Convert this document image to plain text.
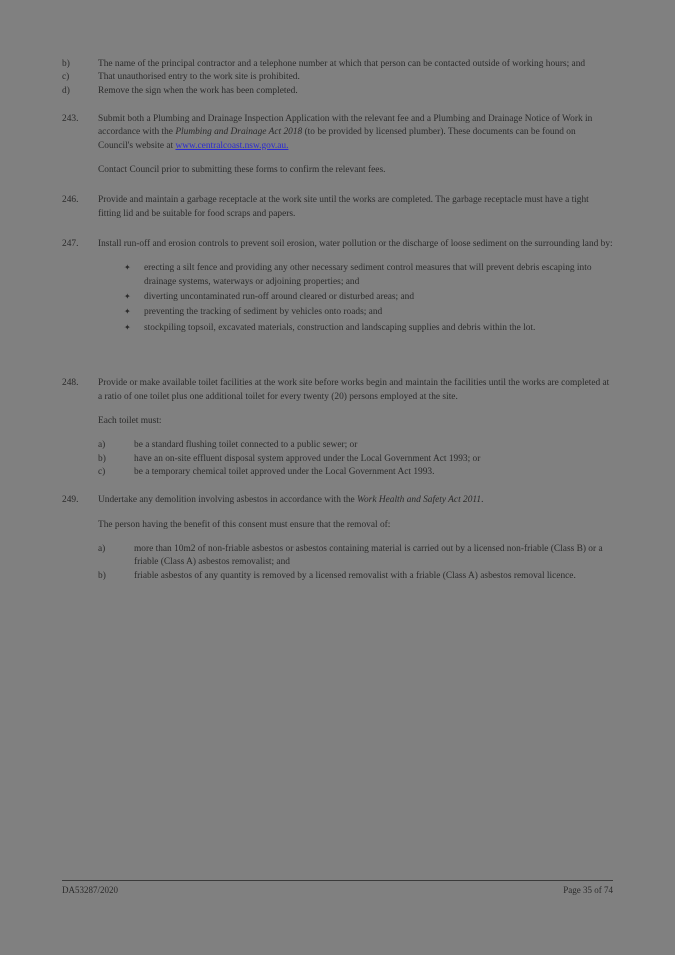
b)	The name of the principal contractor and a telephone number at which that person can be contacted outside of working hours; and
c)	That unauthorised entry to the work site is prohibited.
d)	Remove the sign when the work has been completed.
243.	Submit both a Plumbing and Drainage Inspection Application with the relevant fee and a Plumbing and Drainage Notice of Work in accordance with the Plumbing and Drainage Act 2018 (to be provided by licensed plumber). These documents can be found on Council's website at www.centralcoast.nsw.gov.au.
Contact Council prior to submitting these forms to confirm the relevant fees.
246.	Provide and maintain a garbage receptacle at the work site until the works are completed. The garbage receptacle must have a tight fitting lid and be suitable for food scraps and papers.
247.	Install run-off and erosion controls to prevent soil erosion, water pollution or the discharge of loose sediment on the surrounding land by:
✦	erecting a silt fence and providing any other necessary sediment control measures that will prevent debris escaping into drainage systems, waterways or adjoining properties; and
✦	diverting uncontaminated run-off around cleared or disturbed areas; and
✦	preventing the tracking of sediment by vehicles onto roads; and
✦	stockpiling topsoil, excavated materials, construction and landscaping supplies and debris within the lot.
248.	Provide or make available toilet facilities at the work site before works begin and maintain the facilities until the works are completed at a ratio of one toilet plus one additional toilet for every twenty (20) persons employed at the site.
Each toilet must:
a)	be a standard flushing toilet connected to a public sewer; or
b)	have an on-site effluent disposal system approved under the Local Government Act 1993; or
c)	be a temporary chemical toilet approved under the Local Government Act 1993.
249.	Undertake any demolition involving asbestos in accordance with the Work Health and Safety Act 2011.
The person having the benefit of this consent must ensure that the removal of:
a)	more than 10m2 of non-friable asbestos or asbestos containing material is carried out by a licensed non-friable (Class B) or a friable (Class A) asbestos removalist; and
b)	friable asbestos of any quantity is removed by a licensed removalist with a friable (Class A) asbestos removal licence.
DA53287/2020	Page 35 of 74
